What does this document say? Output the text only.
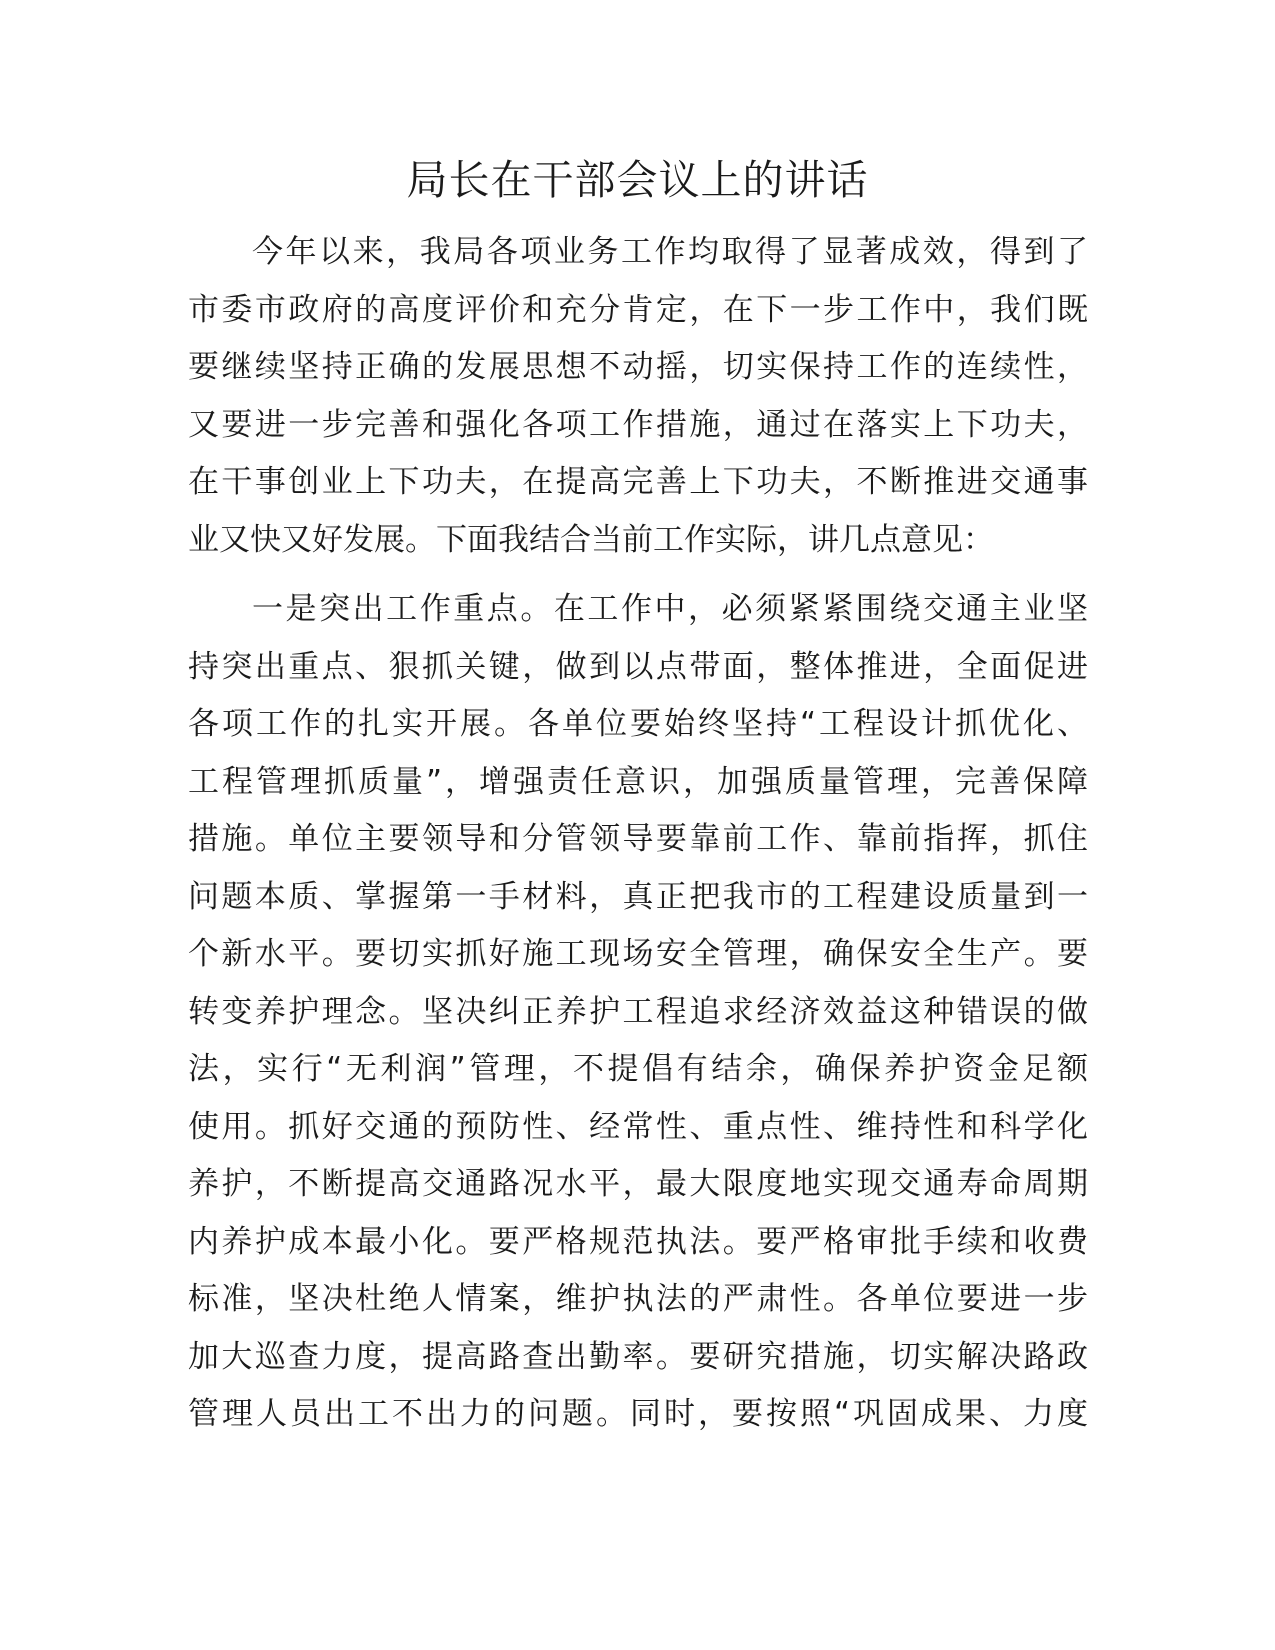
局长在干部会议上的讲话

今年以来，我局各项业务工作均取得了显著成效，得到了
市委市政府的高度评价和充分肯定，在下一步工作中，我们既
要继续坚持正确的发展思想不动摇，切实保持工作的连续性，
又要进一步完善和强化各项工作措施，通过在落实上下功夫，
在干事创业上下功夫，在提高完善上下功夫，不断推进交通事
业又快又好发展。下面我结合当前工作实际，讲几点意见：

一是突出工作重点。在工作中，必须紧紧围绕交通主业坚
持突出重点、狠抓关键，做到以点带面，整体推进，全面促进
各项工作的扎实开展。各单位要始终坚持“工程设计抓优化、
工程管理抓质量”，增强责任意识，加强质量管理，完善保障
措施。单位主要领导和分管领导要靠前工作、靠前指挥，抓住
问题本质、掌握第一手材料，真正把我市的工程建设质量到一
个新水平。要切实抓好施工现场安全管理，确保安全生产。要
转变养护理念。坚决纠正养护工程追求经济效益这种错误的做
法，实行“无利润”管理，不提倡有结余，确保养护资金足额
使用。抓好交通的预防性、经常性、重点性、维持性和科学化
养护，不断提高交通路况水平，最大限度地实现交通寿命周期
内养护成本最小化。要严格规范执法。要严格审批手续和收费
标准，坚决杜绝人情案，维护执法的严肃性。各单位要进一步
加大巡查力度，提高路查出勤率。要研究措施，切实解决路政
管理人员出工不出力的问题。同时，要按照“巩固成果、力度
